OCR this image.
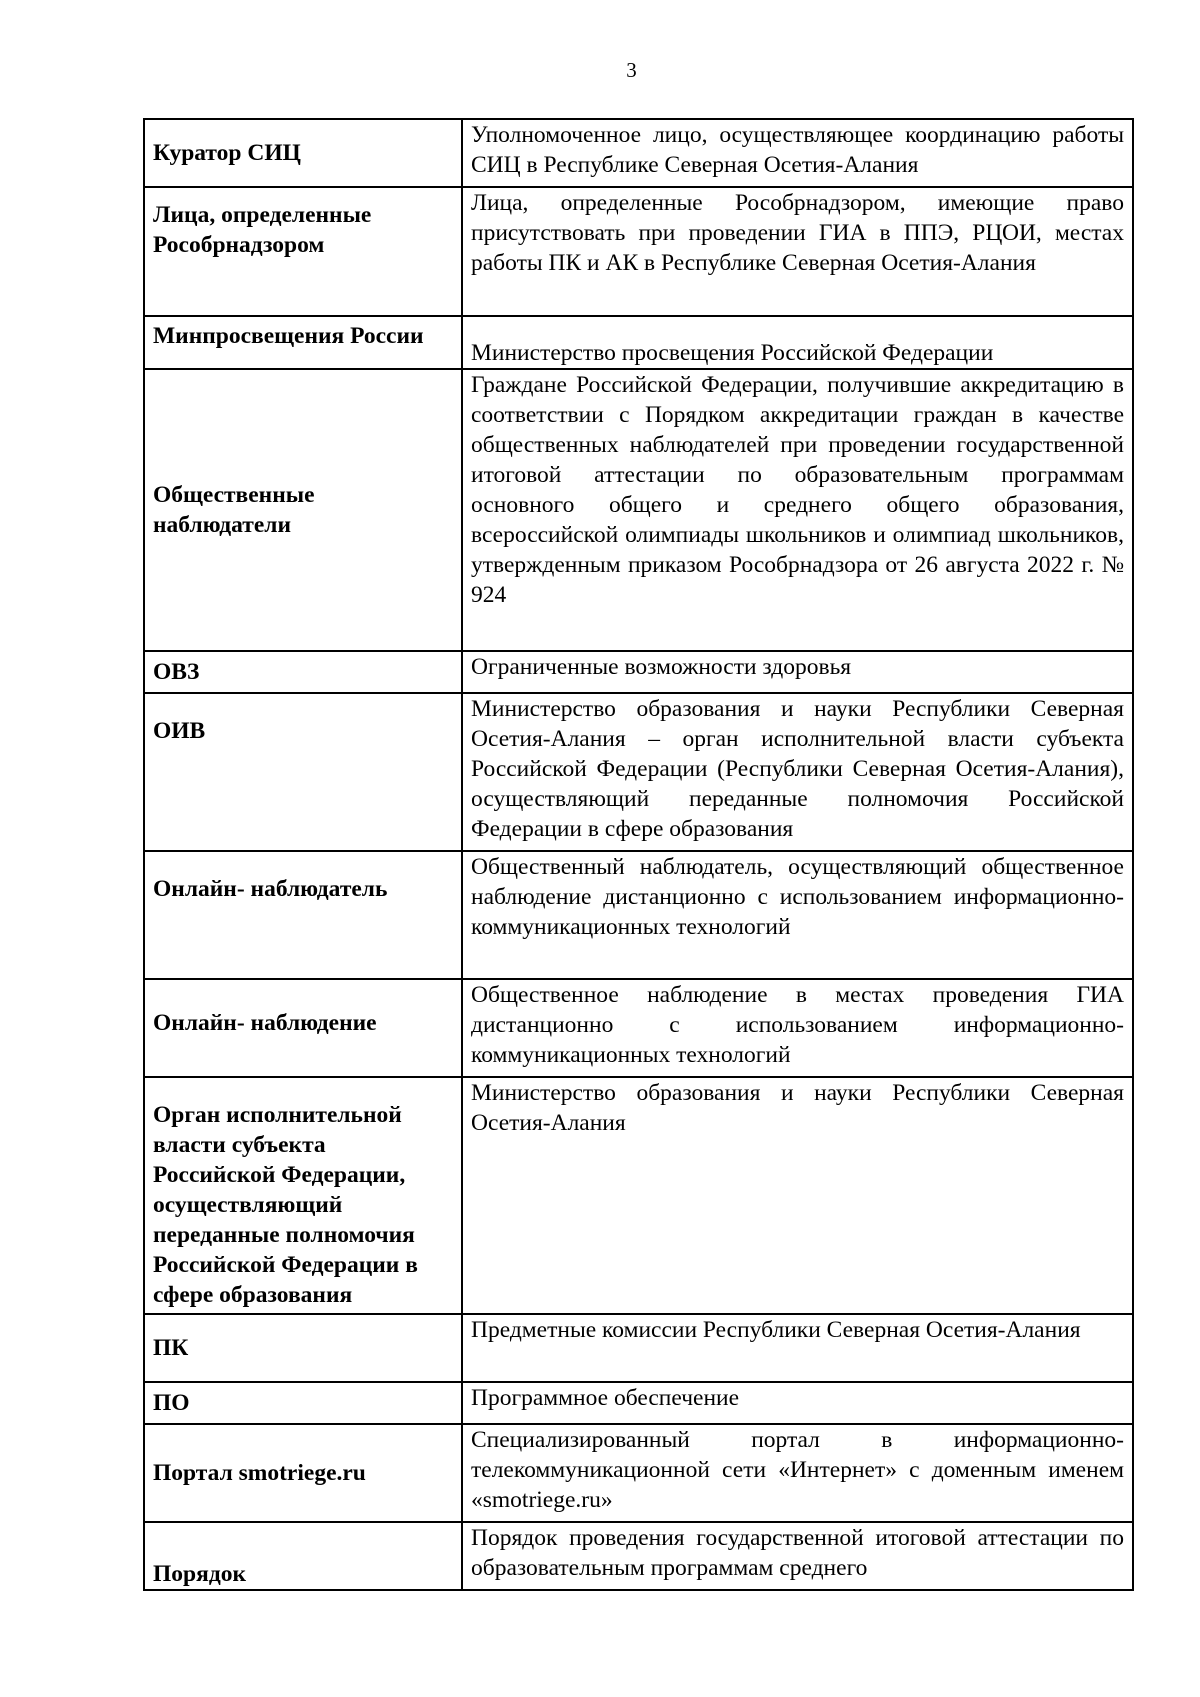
3
Куратор СИЦ	Уполномоченное лицо, осуществляющее координацию работы СИЦ в Республике Северная Осетия-Алания
Лица, определенные Рособрнадзором	Лица, определенные Рособрнадзором, имеющие право присутствовать при проведении ГИА в ППЭ, РЦОИ, местах работы ПК и АК в Республике Северная Осетия-Алания
Минпросвещения России	Министерство просвещения Российской Федерации
Общественные наблюдатели	Граждане Российской Федерации, получившие аккредитацию в соответствии с Порядком аккредитации граждан в качестве общественных наблюдателей при проведении государственной итоговой аттестации по образовательным программам основного общего и среднего общего образования, всероссийской олимпиады школьников и олимпиад школьников, утвержденным приказом Рособрнадзора от 26 августа 2022 г. № 924
ОВЗ	Ограниченные возможности здоровья
ОИВ	Министерство образования и науки Республики Северная Осетия-Алания – орган исполнительной власти субъекта Российской Федерации (Республики Северная Осетия-Алания), осуществляющий переданные полномочия Российской Федерации в сфере образования
Онлайн- наблюдатель	Общественный наблюдатель, осуществляющий общественное наблюдение дистанционно с использованием информационно- коммуникационных технологий
Онлайн- наблюдение	Общественное наблюдение в местах проведения ГИА дистанционно с использованием информационно-коммуникационных технологий
Орган исполнительной власти субъекта Российской Федерации, осуществляющий переданные полномочия Российской Федерации в сфере образования	Министерство образования и науки Республики Северная Осетия-Алания
ПК	Предметные комиссии Республики Северная Осетия-Алания
ПО	Программное обеспечение
Портал smotriege.ru	Специализированный портал в информационно-телекоммуникационной сети «Интернет» с доменным именем «smotriege.ru»
Порядок	Порядок проведения государственной итоговой аттестации по образовательным программам среднего
